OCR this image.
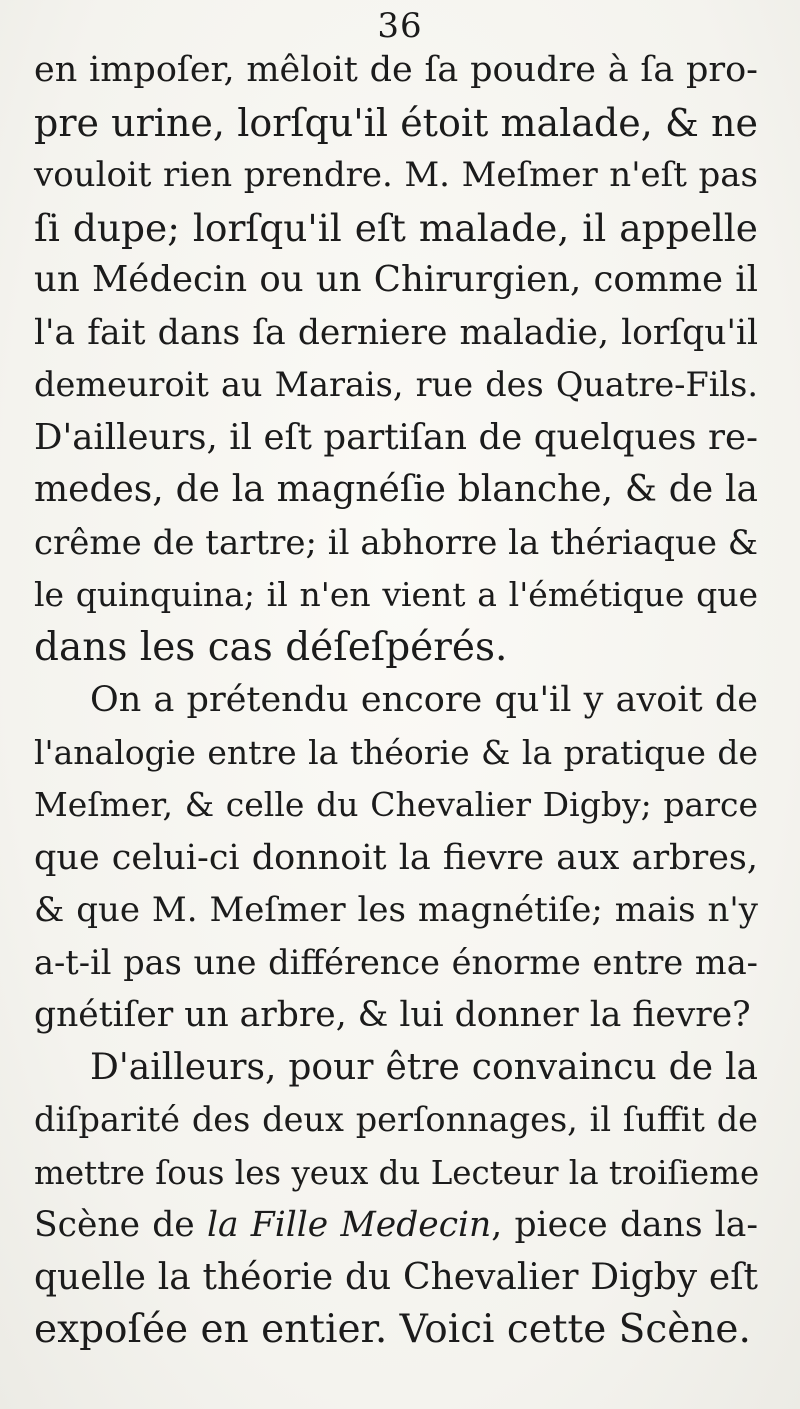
36
en impoſer, mêloit de ſa poudre à ſa pro-
pre urine, lorſqu'il étoit malade, & ne
vouloit rien prendre. M. Meſmer n'eſt pas
ſi dupe; lorſqu'il eſt malade, il appelle
un Médecin ou un Chirurgien, comme il
l'a fait dans ſa derniere maladie, lorſqu'il
demeuroit au Marais, rue des Quatre-Fils.
D'ailleurs, il eſt partiſan de quelques re-
medes, de la magnéſie blanche, & de la
crême de tartre; il abhorre la thériaque &
le quinquina; il n'en vient a l'émétique que
dans les cas déſeſpérés.
On a prétendu encore qu'il y avoit de
l'analogie entre la théorie & la pratique de
Meſmer, & celle du Chevalier Digby; parce
que celui-ci donnoit la fievre aux arbres,
& que M. Meſmer les magnétiſe; mais n'y
a-t-il pas une différence énorme entre ma-
gnétiſer un arbre, & lui donner la fievre?
D'ailleurs, pour être convaincu de la
diſparité des deux perſonnages, il ſuffit de
mettre ſous les yeux du Lecteur la troiſieme
Scène de la Fille Medecin, piece dans la-
quelle la théorie du Chevalier Digby eſt
expoſée en entier. Voici cette Scène.
